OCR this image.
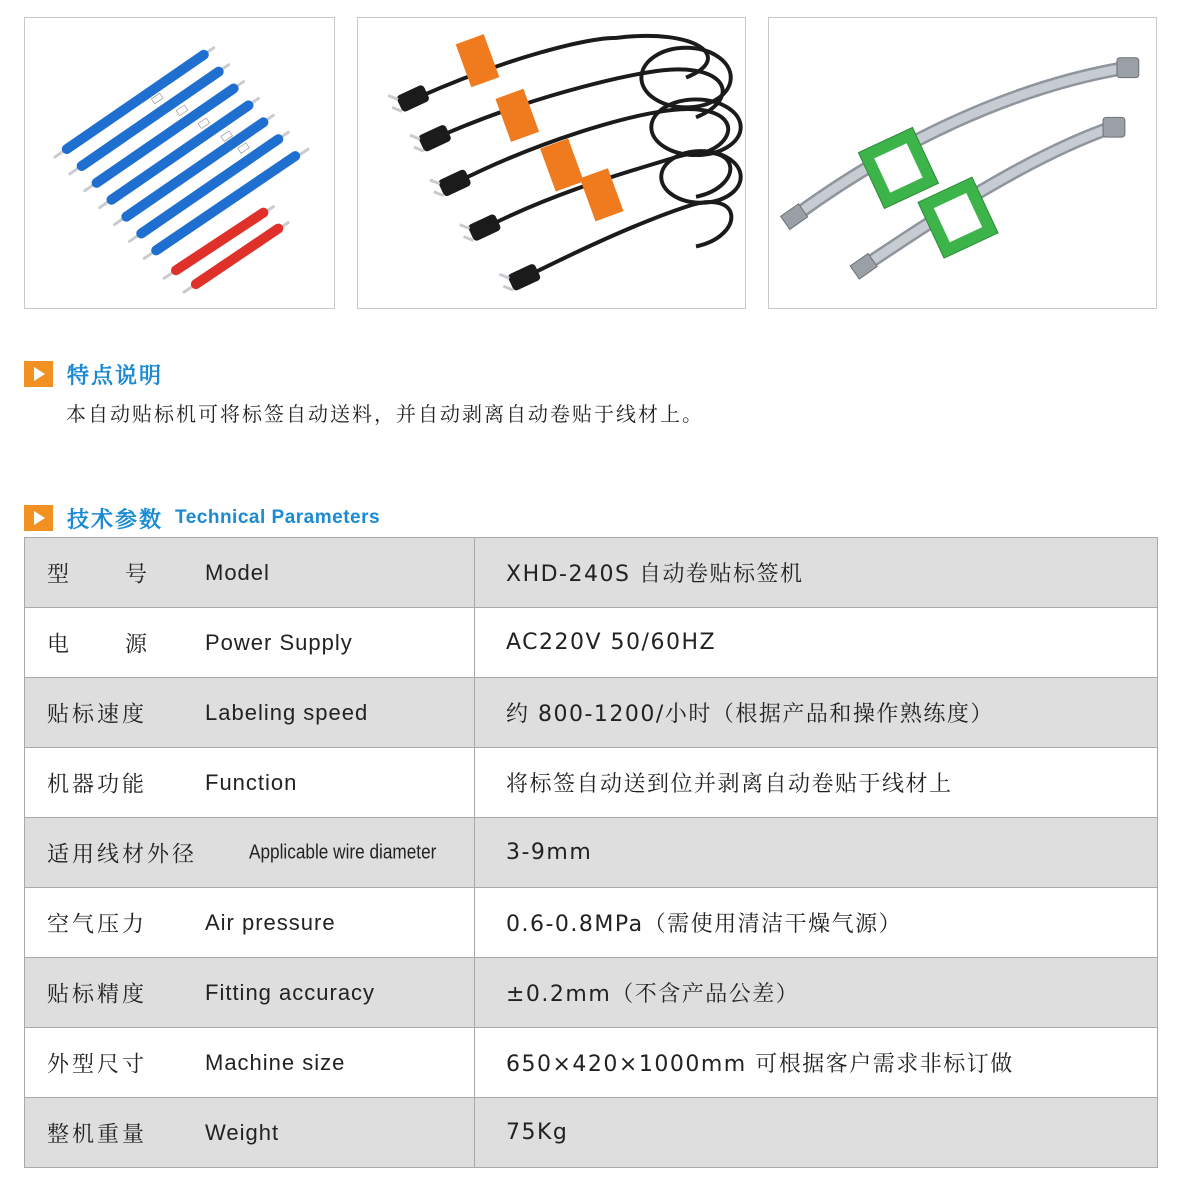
特点说明
本自动贴标机可将标签自动送料，并自动剥离自动卷贴于线材上。
技术参数 Technical Parameters
型号 Model	XHD-240S 自动卷贴标签机

电源 Power Supply	AC220V 50/60HZ

贴标速度 Labeling speed	约 800-1200/小时（根据产品和操作熟练度）

机器功能 Function	将标签自动送到位并剥离自动卷贴于线材上

适用线材外径 Applicable wire diameter	3-9mm

空气压力 Air pressure	0.6-0.8MPa（需使用清洁干燥气源）

贴标精度 Fitting accuracy	±0.2mm（不含产品公差）

外型尺寸 Machine size	650×420×1000mm 可根据客户需求非标订做

整机重量 Weight	75Kg
